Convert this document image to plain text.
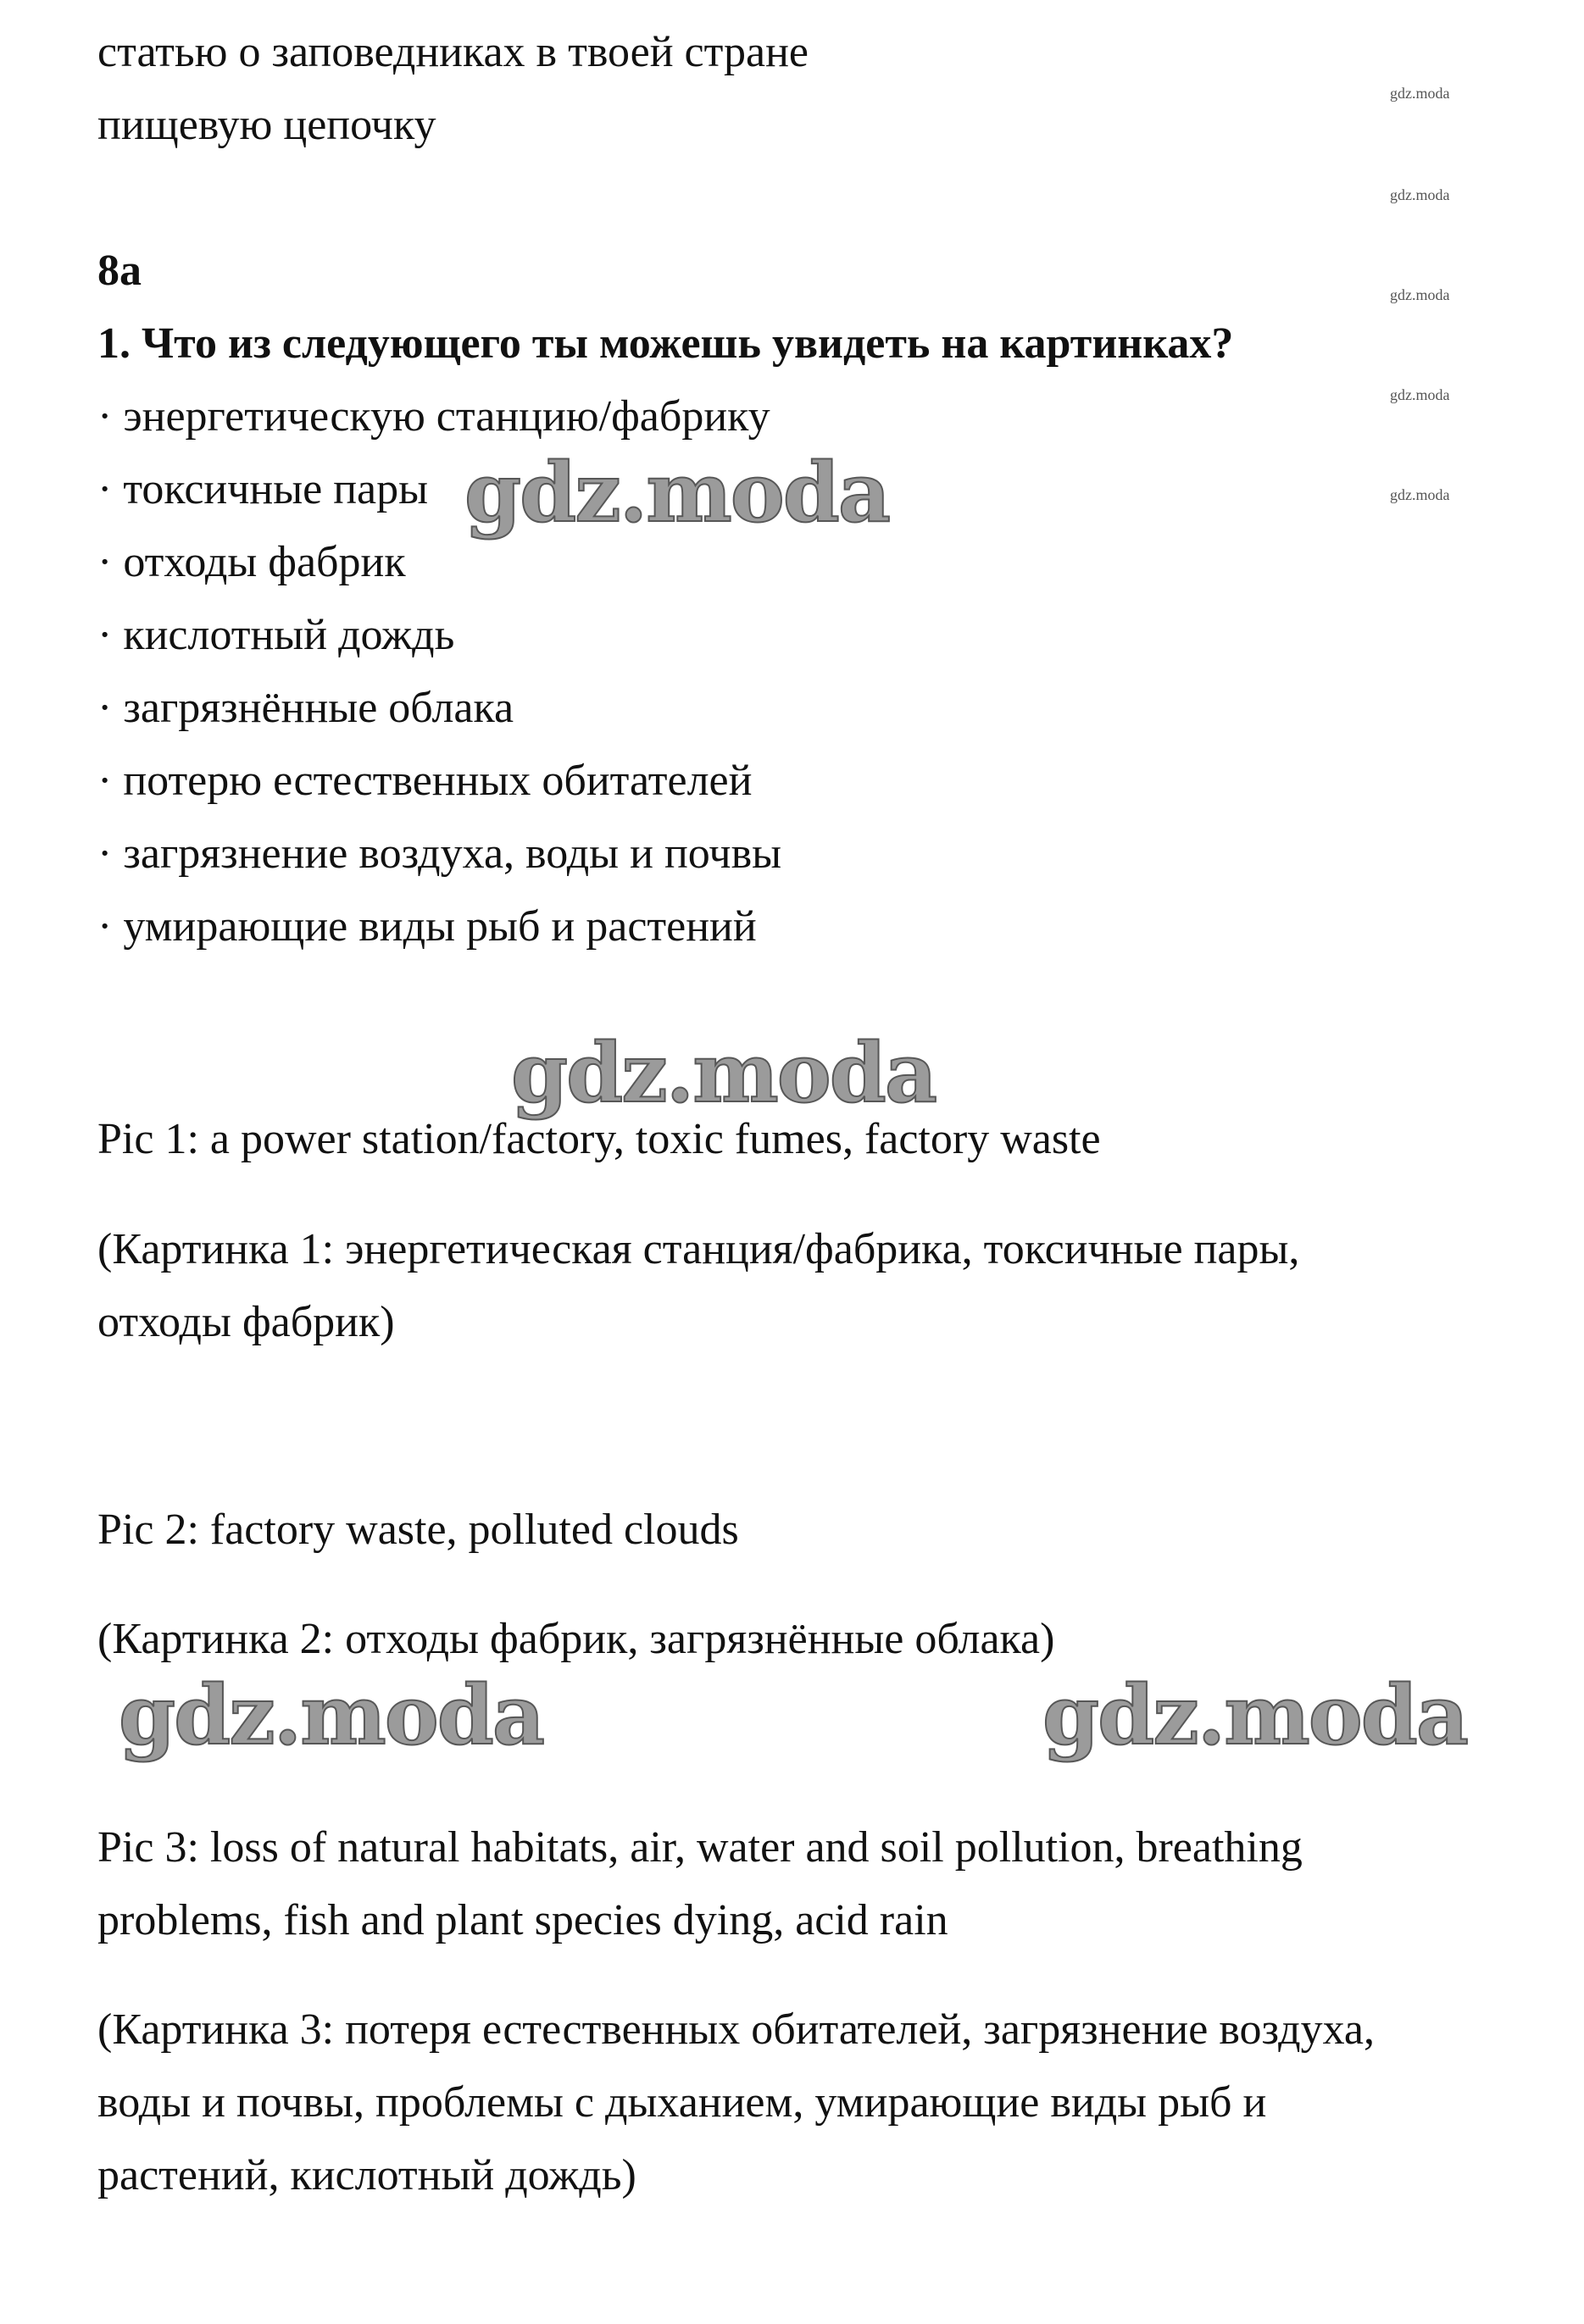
gdz.moda
gdz.moda
gdz.moda
gdz.moda
gdz.moda
статью о заповедниках в твоей стране
пищевую цепочку
8a
1. Что из следующего ты можешь увидеть на картинках?
· энергетическую станцию/фабрику
· токсичные пары
· отходы фабрик
· кислотный дождь
· загрязнённые облака
· потерю естественных обитателей
· загрязнение воздуха, воды и почвы
· умирающие виды рыб и растений
Pic 1: a power station/factory, toxic fumes, factory waste
(Картинка 1: энергетическая станция/фабрика, токсичные пары,
отходы фабрик)
Pic 2: factory waste, polluted clouds
(Картинка 2: отходы фабрик, загрязнённые облака)
Pic 3: loss of natural habitats, air, water and soil pollution, breathing
problems, fish and plant species dying, acid rain
(Картинка 3: потеря естественных обитателей, загрязнение воздуха,
воды и почвы, проблемы с дыханием, умирающие виды рыб и
растений, кислотный дождь)
gdz.moda
gdz.moda
gdz.moda	gdz.moda
